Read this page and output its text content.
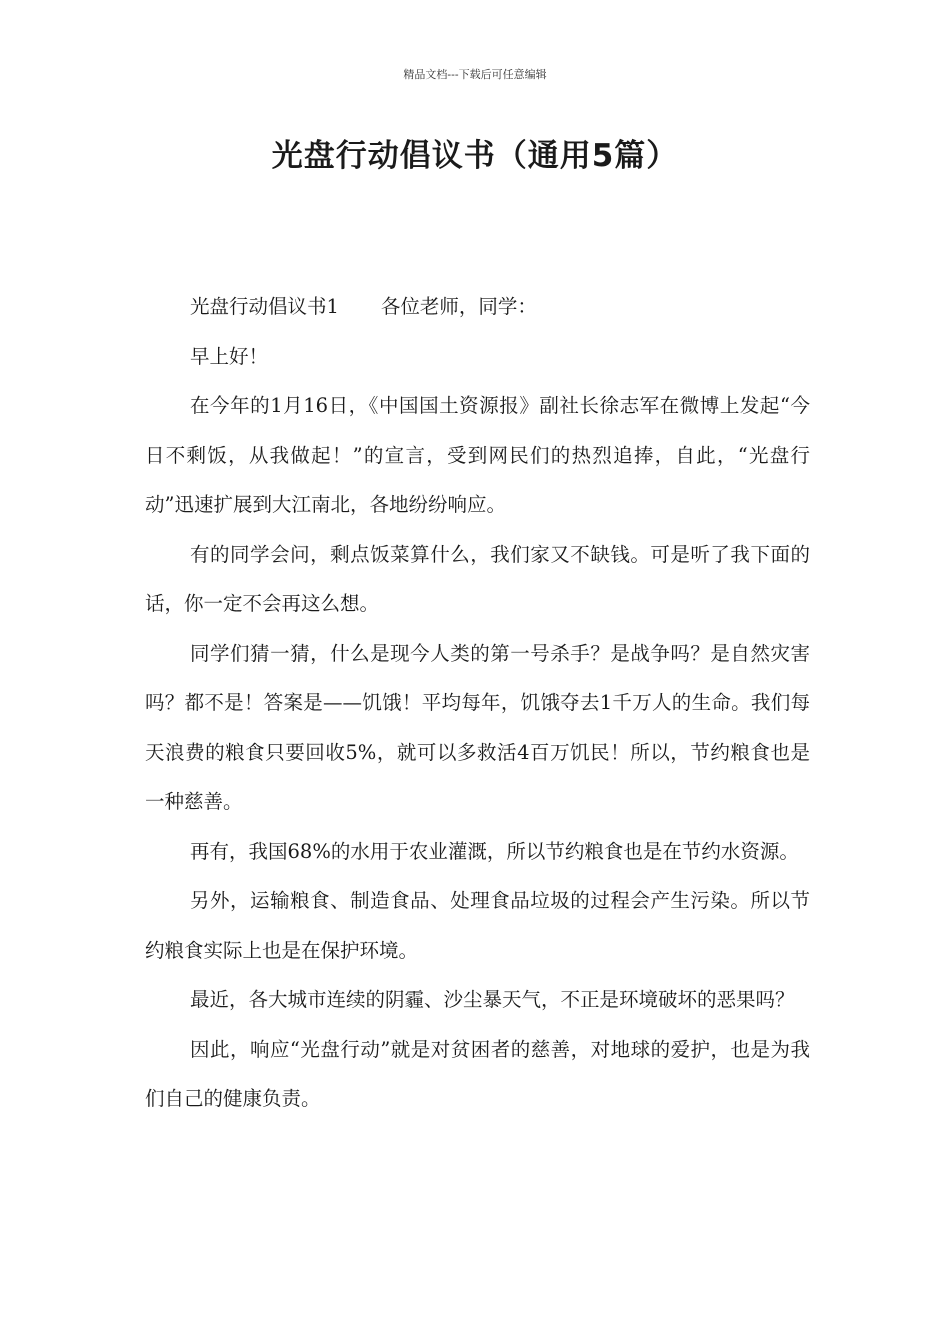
精品文档---下载后可任意编辑
光盘行动倡议书（通用5篇）

光盘行动倡议书1 各位老师，同学：

早上好！

在今年的1月16日，《中国国土资源报》副社长徐志军在微博上发起“今日不剩饭，从我做起！”的宣言，受到网民们的热烈追捧，自此，“光盘行动”迅速扩展到大江南北，各地纷纷响应。

有的同学会问，剩点饭菜算什么，我们家又不缺钱。可是听了我下面的话，你一定不会再这么想。

同学们猜一猜，什么是现今人类的第一号杀手？是战争吗？是自然灾害吗？都不是！答案是——饥饿！平均每年，饥饿夺去1千万人的生命。我们每天浪费的粮食只要回收5%，就可以多救活4百万饥民！所以，节约粮食也是一种慈善。

再有，我国68%的水用于农业灌溉，所以节约粮食也是在节约水资源。

另外，运输粮食、制造食品、处理食品垃圾的过程会产生污染。所以节约粮食实际上也是在保护环境。

最近，各大城市连续的阴霾、沙尘暴天气，不正是环境破坏的恶果吗？

因此，响应“光盘行动”就是对贫困者的慈善，对地球的爱护，也是为我们自己的健康负责。
